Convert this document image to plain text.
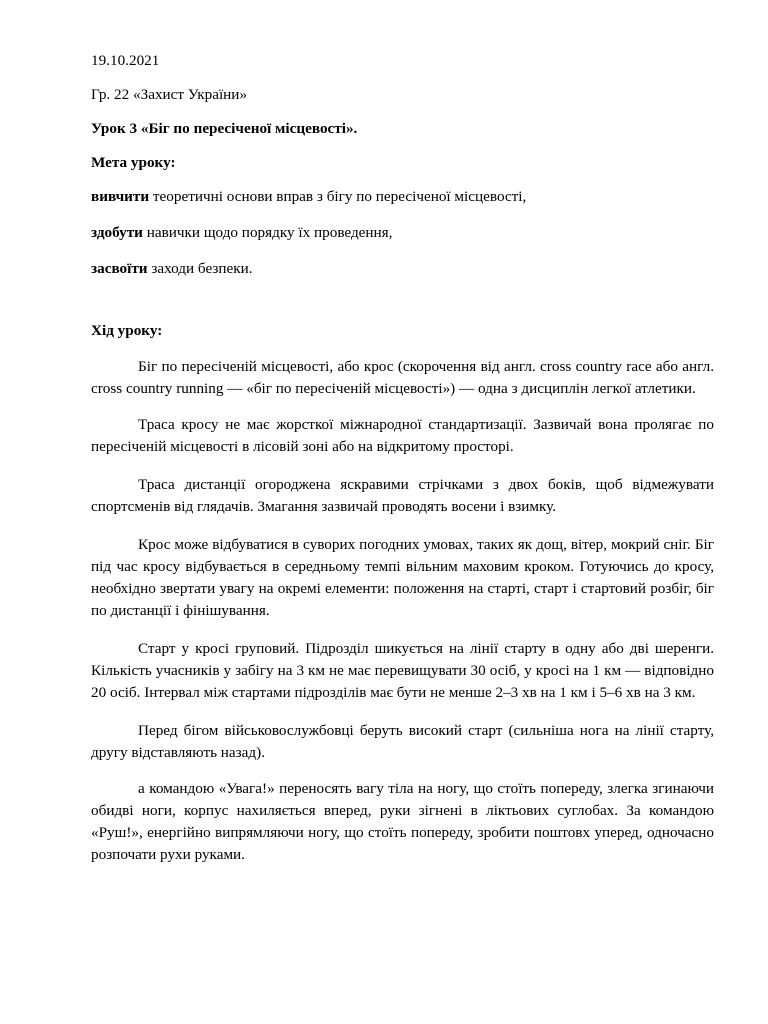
19.10.2021

Гр. 22 «Захист України»

Урок 3 «Біг по пересіченої місцевості».

Мета уроку:

вивчити теоретичні основи вправ з бігу по пересіченої місцевості,

здобути навички щодо порядку їх проведення,

засвоїти заходи безпеки.

Хід уроку:

Біг по пересіченій місцевості, або крос (скорочення від англ. cross country race або англ. cross country running — «біг по пересіченій місцевості») — одна з дисциплін легкої атлетики.

Траса кросу не має жорсткої міжнародної стандартизації. Зазвичай вона пролягає по пересіченій місцевості в лісовій зоні або на відкритому просторі.

Траса дистанції огороджена яскравими стрічками з двох боків, щоб відмежувати спортсменів від глядачів. Змагання зазвичай проводять восени і взимку.

Крос може відбуватися в суворих погодних умовах, таких як дощ, вітер, мокрий сніг. Біг під час кросу відбувається в середньому темпі вільним маховим кроком. Готуючись до кросу, необхідно звертати увагу на окремі елементи: положення на старті, старт і стартовий розбіг, біг по дистанції і фінішування.

Старт у кросі груповий. Підрозділ шикується на лінії старту в одну або дві шеренги. Кількість учасників у забігу на 3 км не має перевищувати 30 осіб, у кросі на 1 км — відповідно 20 осіб. Інтервал між стартами підрозділів має бути не менше 2–3 хв на 1 км і 5–6 хв на 3 км.

Перед бігом військовослужбовці беруть високий старт (сильніша нога на лінії старту, другу відставляють назад).

а командою «Увага!» переносять вагу тіла на ногу, що стоїть попереду, злегка згинаючи обидві ноги, корпус нахиляється вперед, руки зігнені в ліктьових суглобах. За командою «Руш!», енергійно випрямляючи ногу, що стоїть попереду, зробити поштовх уперед, одночасно розпочати рухи руками.
